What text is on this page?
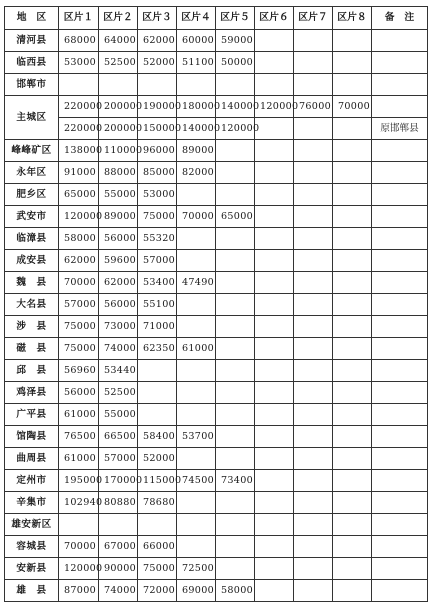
地　区	区片１	区片２	区片３	区片４	区片５	区片６	区片７	区片８	备　注
清河县	68000	64000	62000	60000	59000				
临西县	53000	52500	52000	51100	50000				
邯郸市									
主城区	220000	200000	190000	180000	140000	120000	76000	70000	
	220000	200000	150000	140000	120000				原邯郸县
峰峰矿区	138000	110000	96000	89000					
永年区	91000	88000	85000	82000					
肥乡区	65000	55000	53000						
武安市	120000	89000	75000	70000	65000				
临漳县	58000	56000	55320						
成安县	62000	59600	57000						
魏　县	70000	62000	53400	47490					
大名县	57000	56000	55100						
涉　县	75000	73000	71000						
磁　县	75000	74000	62350	61000					
邱　县	56960	53440							
鸡泽县	56000	52500							
广平县	61000	55000							
馆陶县	76500	66500	58400	53700					
曲周县	61000	57000	52000						
定州市	195000	170000	115000	74500	73400				
辛集市	102940	80880	78680						
雄安新区									
容城县	70000	67000	66000						
安新县	120000	90000	75000	72500					
雄　县	87000	74000	72000	69000	58000				
